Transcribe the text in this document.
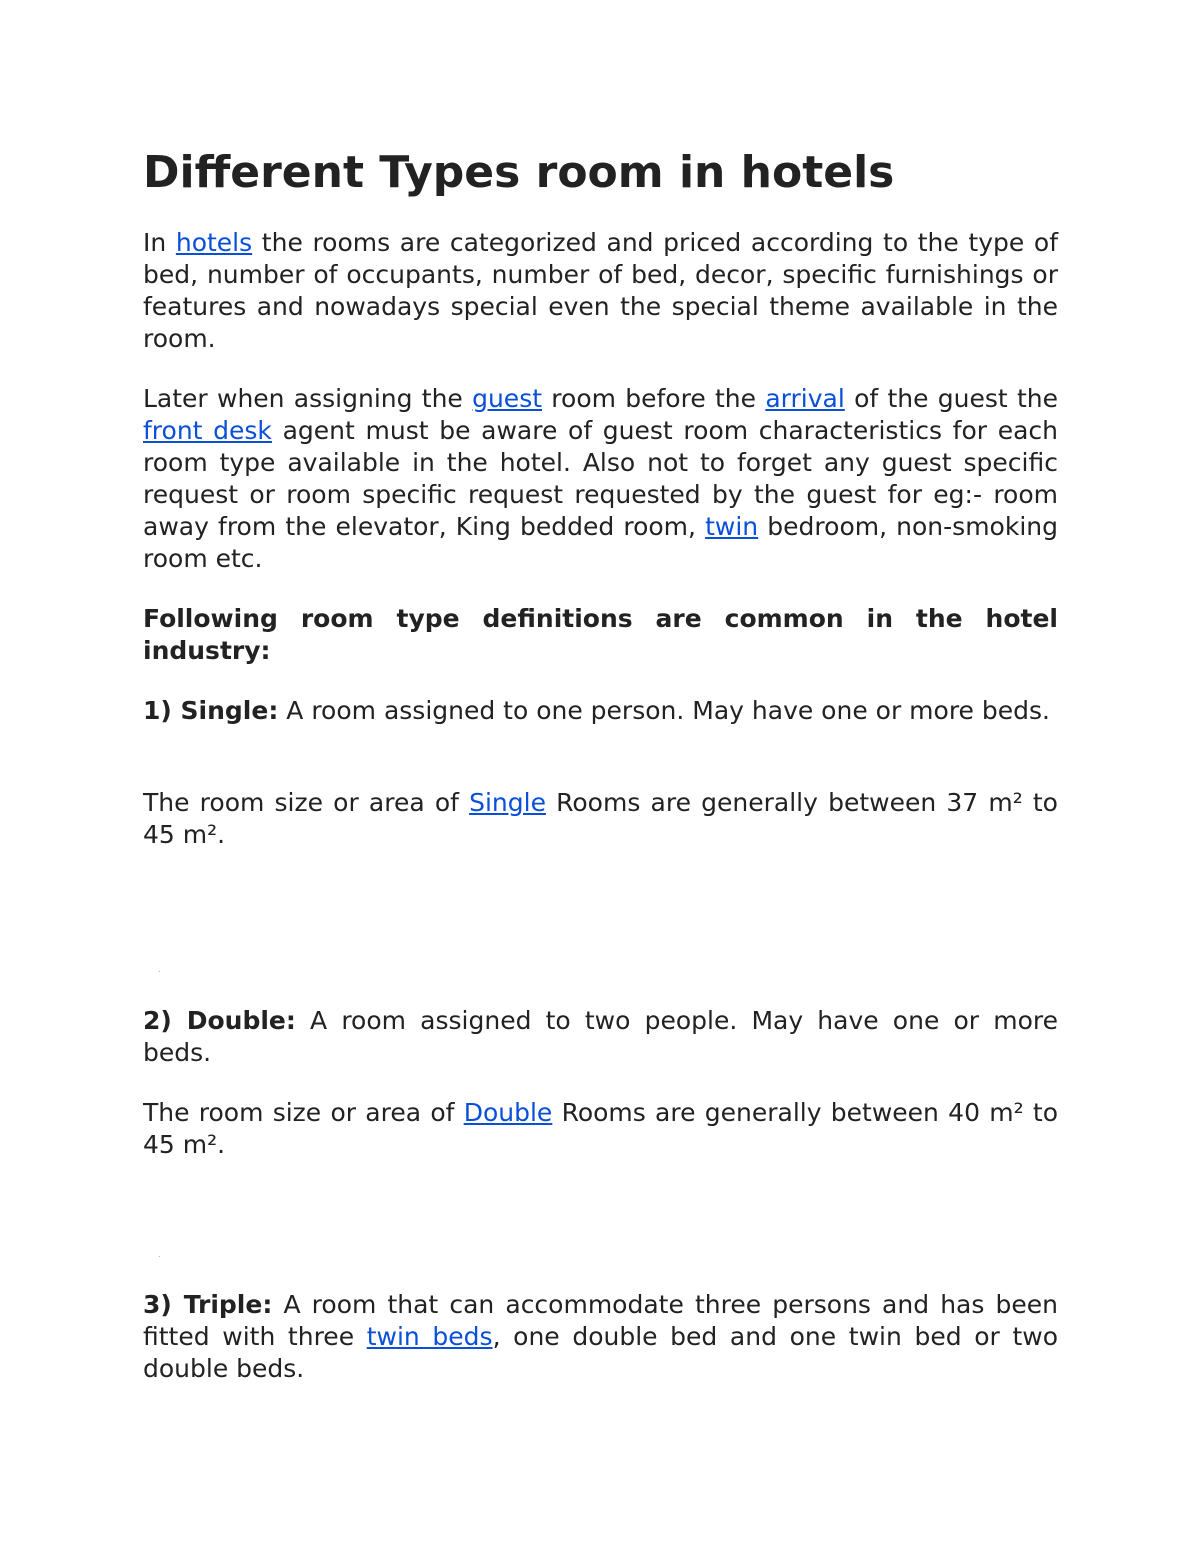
Different Types room in hotels

In hotels the rooms are categorized and priced according to the type of bed, number of occupants, number of bed, decor, specific furnishings or features and nowadays special even the special theme available in the room.

Later when assigning the guest room before the arrival of the guest the front desk agent must be aware of guest room characteristics for each room type available in the hotel. Also not to forget any guest specific request or room specific request requested by the guest for eg:- room away from the elevator, King bedded room, twin bedroom, non-smoking room etc.

Following room type definitions are common in the hotel industry:

1) Single: A room assigned to one person. May have one or more beds.

The room size or area of Single Rooms are generally between 37 m² to 45 m².

.

2) Double: A room assigned to two people. May have one or more beds.

The room size or area of Double Rooms are generally between 40 m² to 45 m².

.

3) Triple: A room that can accommodate three persons and has been fitted with three twin beds, one double bed and one twin bed or two double beds.
